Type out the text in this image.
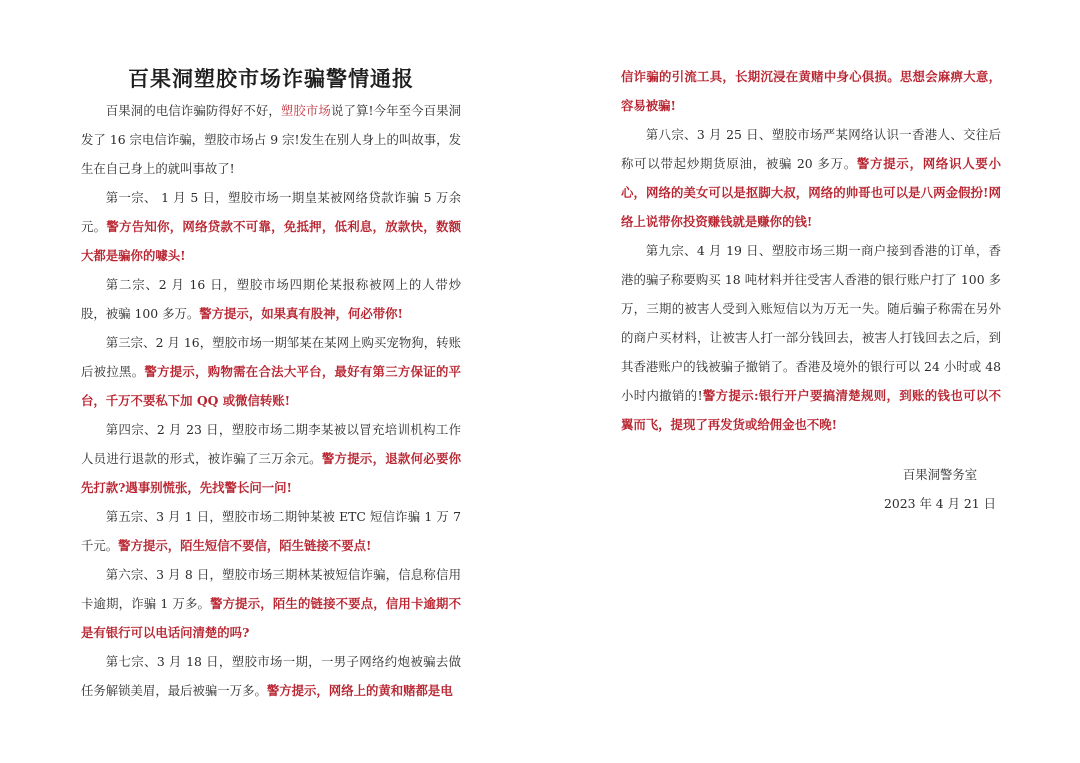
百果洞塑胶市场诈骗警情通报

百果洞的电信诈骗防得好不好，塑胶市场说了算!今年至今百果洞发了 16 宗电信诈骗，塑胶市场占 9 宗!发生在别人身上的叫故事，发生在自己身上的就叫事故了!

第一宗、 1 月 5 日，塑胶市场一期皇某被网络贷款诈骗 5 万余元。警方告知你，网络贷款不可靠，免抵押，低利息，放款快，数额大都是骗你的噱头!

第二宗、2 月 16 日，塑胶市场四期伦某报称被网上的人带炒股，被骗 100 多万。警方提示，如果真有股神，何必带你!

第三宗、2 月 16，塑胶市场一期邹某在某网上购买宠物狗，转账后被拉黑。警方提示，购物需在合法大平台，最好有第三方保证的平台，千万不要私下加 QQ 或微信转账!

第四宗、2 月 23 日，塑胶市场二期李某被以冒充培训机构工作人员进行退款的形式，被诈骗了三万余元。警方提示，退款何必要你先打款?遇事别慌张，先找警长问一问!

第五宗、3 月 1 日，塑胶市场二期钟某被 ETC 短信诈骗 1 万 7 千元。警方提示，陌生短信不要信，陌生链接不要点!

第六宗、3 月 8 日，塑胶市场三期林某被短信诈骗，信息称信用卡逾期，诈骗 1 万多。警方提示，陌生的链接不要点，信用卡逾期不是有银行可以电话问清楚的吗?

第七宗、3 月 18 日，塑胶市场一期，一男子网络约炮被骗去做任务解锁美眉，最后被骗一万多。警方提示，网络上的黄和赌都是电

信诈骗的引流工具，长期沉浸在黄赌中身心俱损。思想会麻痹大意，容易被骗!

第八宗、3 月 25 日、塑胶市场严某网络认识一香港人、交往后称可以带起炒期货原油，被骗 20 多万。警方提示，网络识人要小心，网络的美女可以是抠脚大叔，网络的帅哥也可以是八两金假扮!网络上说带你投资赚钱就是赚你的钱!

第九宗、4 月 19 日、塑胶市场三期一商户接到香港的订单，香港的骗子称要购买 18 吨材料并往受害人香港的银行账户打了 100 多万，三期的被害人受到入账短信以为万无一失。随后骗子称需在另外的商户买材料，让被害人打一部分钱回去，被害人打钱回去之后，到其香港账户的钱被骗子撤销了。香港及境外的银行可以 24 小时或 48 小时内撤销的!警方提示:银行开户要搞清楚规则，到账的钱也可以不翼而飞，提现了再发货或给佣金也不晚!

百果洞警务室
2023 年 4 月 21 日
